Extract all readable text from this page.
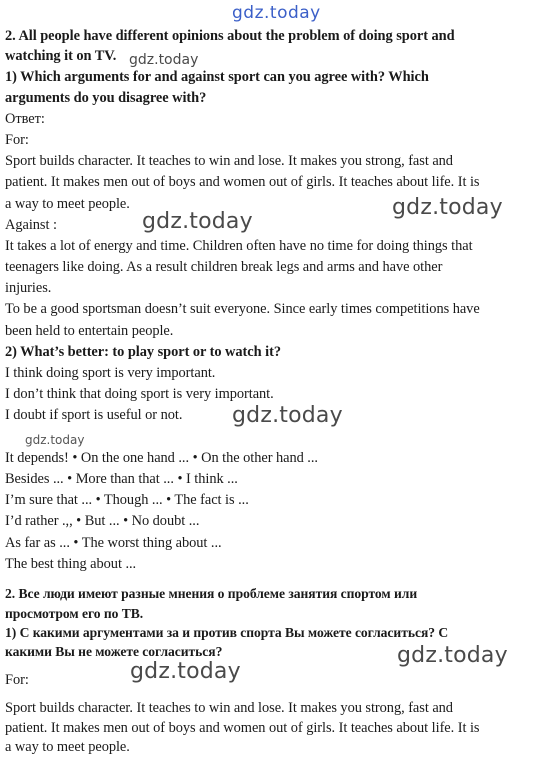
gdz.today
gdz.today
gdz.today
gdz.today
gdz.today
gdz.today
gdz.today
gdz.today
2. All people have different opinions about the problem of doing sport and
watching it on TV.
1) Which arguments for and against sport can you agree with? Which
arguments do you disagree with?
Ответ:
For:
Sport builds character. It teaches to win and lose. It makes you strong, fast and
patient. It makes men out of boys and women out of girls. It teaches about life. It is
a way to meet people.
Against :
It takes a lot of energy and time. Children often have no time for doing things that
teenagers like doing. As a result children break legs and arms and have other
injuries.
To be a good sportsman doesn’t suit everyone. Since early times competitions have
been held to entertain people.
2) What’s better: to play sport or to watch it?
I think doing sport is very important.
I don’t think that doing sport is very important.
I doubt if sport is useful or not.
It depends! • On the one hand ... • On the other hand ...
Besides ... • More than that ... • I think ...
I’m sure that ... • Though ... • The fact is ...
I’d rather .,, • But ... • No doubt ...
As far as ... • The worst thing about ...
The best thing about ...
2. Все люди имеют разные мнения о проблеме занятия спортом или
просмотром его по ТВ.
1) С какими аргументами за и против спорта Вы можете согласиться? С
какими Вы не можете согласиться?
For:
Sport builds character. It teaches to win and lose. It makes you strong, fast and
patient. It makes men out of boys and women out of girls. It teaches about life. It is
a way to meet people.
